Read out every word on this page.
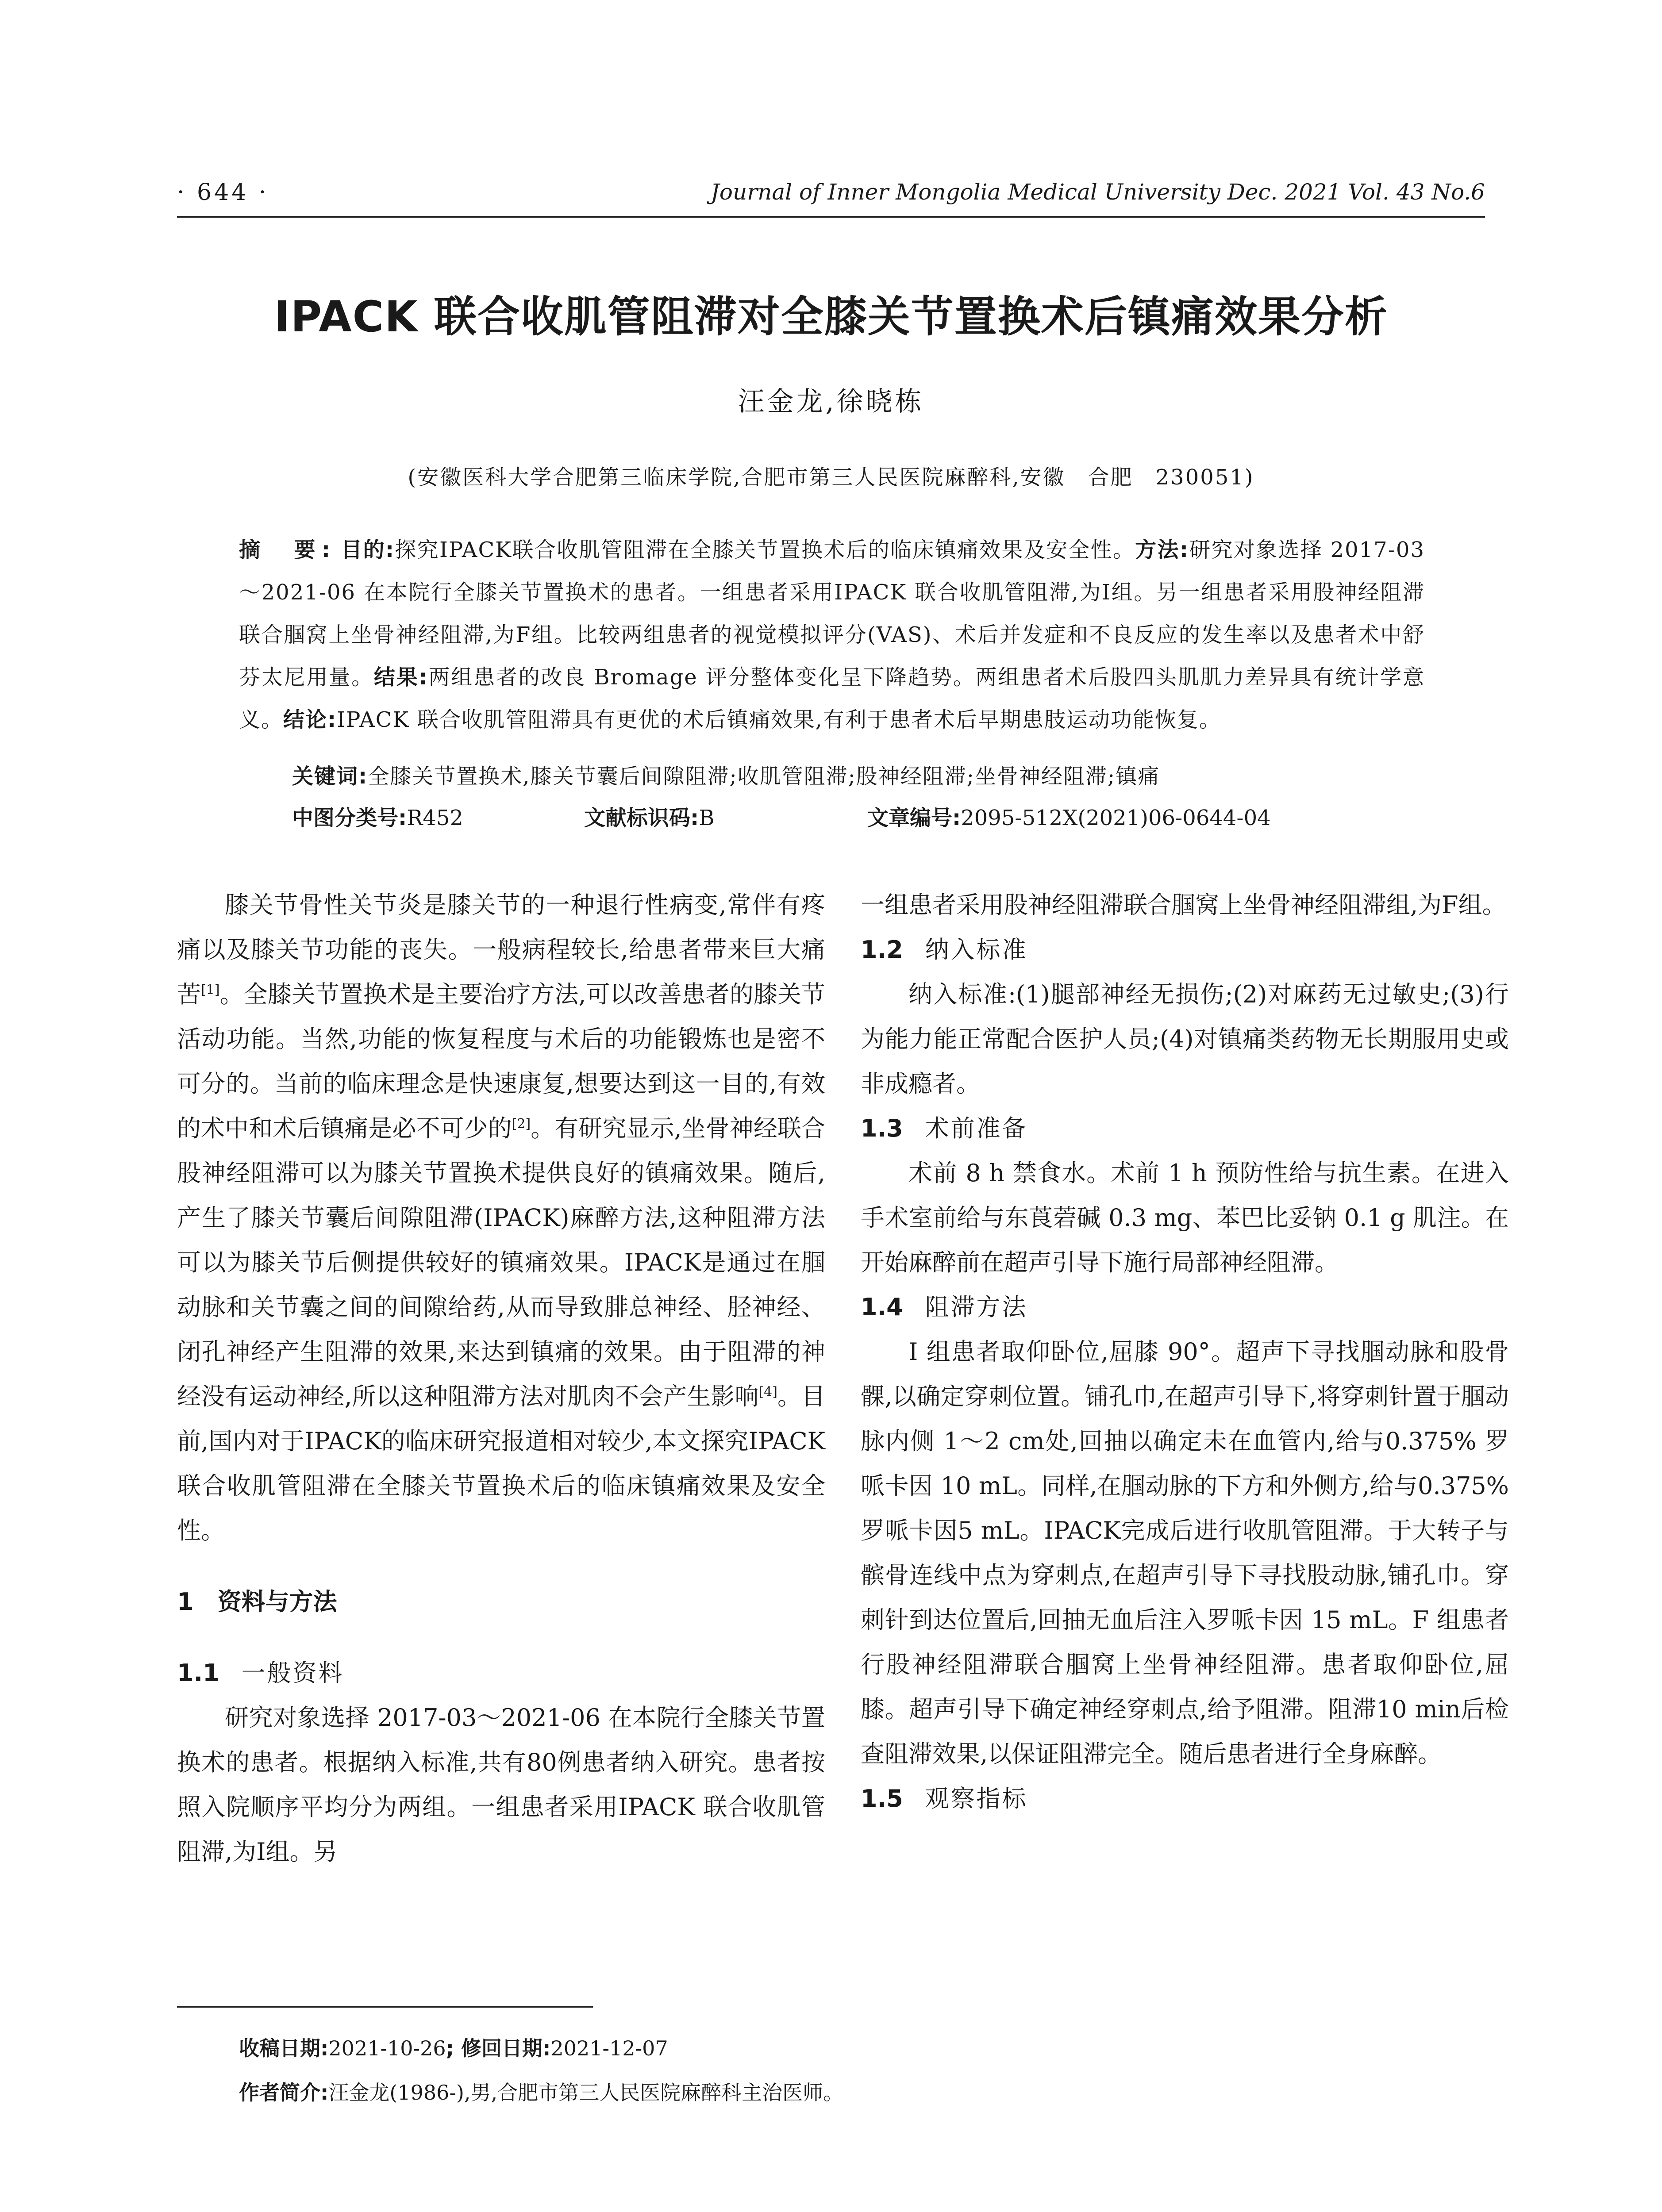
· 644 ·	Journal of Inner Mongolia Medical University Dec. 2021 Vol. 43 No.6
IPACK 联合收肌管阻滞对全膝关节置换术后镇痛效果分析
汪金龙,徐晓栋
(安徽医科大学合肥第三临床学院,合肥市第三人民医院麻醉科,安徽　合肥　230051)
摘　要: 目的:探究IPACK联合收肌管阻滞在全膝关节置换术后的临床镇痛效果及安全性。方法:研究对象选择 2017-03～2021-06 在本院行全膝关节置换术的患者。一组患者采用IPACK 联合收肌管阻滞,为I组。另一组患者采用股神经阻滞联合腘窝上坐骨神经阻滞,为F组。比较两组患者的视觉模拟评分(VAS)、术后并发症和不良反应的发生率以及患者术中舒芬太尼用量。结果:两组患者的改良 Bromage 评分整体变化呈下降趋势。两组患者术后股四头肌肌力差异具有统计学意义。结论:IPACK 联合收肌管阻滞具有更优的术后镇痛效果,有利于患者术后早期患肢运动功能恢复。
关键词:全膝关节置换术,膝关节囊后间隙阻滞;收肌管阻滞;股神经阻滞;坐骨神经阻滞;镇痛
中图分类号:R452	文献标识码:B	文章编号:2095-512X(2021)06-0644-04

膝关节骨性关节炎是膝关节的一种退行性病变,常伴有疼痛以及膝关节功能的丧失。一般病程较长,给患者带来巨大痛苦[1]。全膝关节置换术是主要治疗方法,可以改善患者的膝关节活动功能。当然,功能的恢复程度与术后的功能锻炼也是密不可分的。当前的临床理念是快速康复,想要达到这一目的,有效的术中和术后镇痛是必不可少的[2]。有研究显示,坐骨神经联合股神经阻滞可以为膝关节置换术提供良好的镇痛效果。随后,产生了膝关节囊后间隙阻滞(IPACK)麻醉方法,这种阻滞方法可以为膝关节后侧提供较好的镇痛效果。IPACK是通过在腘动脉和关节囊之间的间隙给药,从而导致腓总神经、胫神经、闭孔神经产生阻滞的效果,来达到镇痛的效果。由于阻滞的神经没有运动神经,所以这种阻滞方法对肌肉不会产生影响[4]。目前,国内对于IPACK的临床研究报道相对较少,本文探究IPACK联合收肌管阻滞在全膝关节置换术后的临床镇痛效果及安全性。

1　资料与方法
1.1 一般资料

研究对象选择 2017-03～2021-06 在本院行全膝关节置换术的患者。根据纳入标准,共有80例患者纳入研究。患者按照入院顺序平均分为两组。一组患者采用IPACK 联合收肌管阻滞,为I组。另

一组患者采用股神经阻滞联合腘窝上坐骨神经阻滞组,为F组。

1.2 纳入标准

纳入标准:(1)腿部神经无损伤;(2)对麻药无过敏史;(3)行为能力能正常配合医护人员;(4)对镇痛类药物无长期服用史或非成瘾者。

1.3 术前准备

术前 8 h 禁食水。术前 1 h 预防性给与抗生素。在进入手术室前给与东莨菪碱 0.3 mg、苯巴比妥钠 0.1 g 肌注。在开始麻醉前在超声引导下施行局部神经阻滞。

1.4 阻滞方法

I 组患者取仰卧位,屈膝 90°。超声下寻找腘动脉和股骨髁,以确定穿刺位置。铺孔巾,在超声引导下,将穿刺针置于腘动脉内侧 1～2 cm处,回抽以确定未在血管内,给与0.375% 罗哌卡因 10 mL。同样,在腘动脉的下方和外侧方,给与0.375% 罗哌卡因5 mL。IPACK完成后进行收肌管阻滞。于大转子与髌骨连线中点为穿刺点,在超声引导下寻找股动脉,铺孔巾。穿刺针到达位置后,回抽无血后注入罗哌卡因 15 mL。F 组患者行股神经阻滞联合腘窝上坐骨神经阻滞。患者取仰卧位,屈膝。超声引导下确定神经穿刺点,给予阻滞。阻滞10 min后检查阻滞效果,以保证阻滞完全。随后患者进行全身麻醉。

1.5 观察指标
收稿日期:2021-10-26; 修回日期:2021-12-07
作者简介:汪金龙(1986-),男,合肥市第三人民医院麻醉科主治医师。
